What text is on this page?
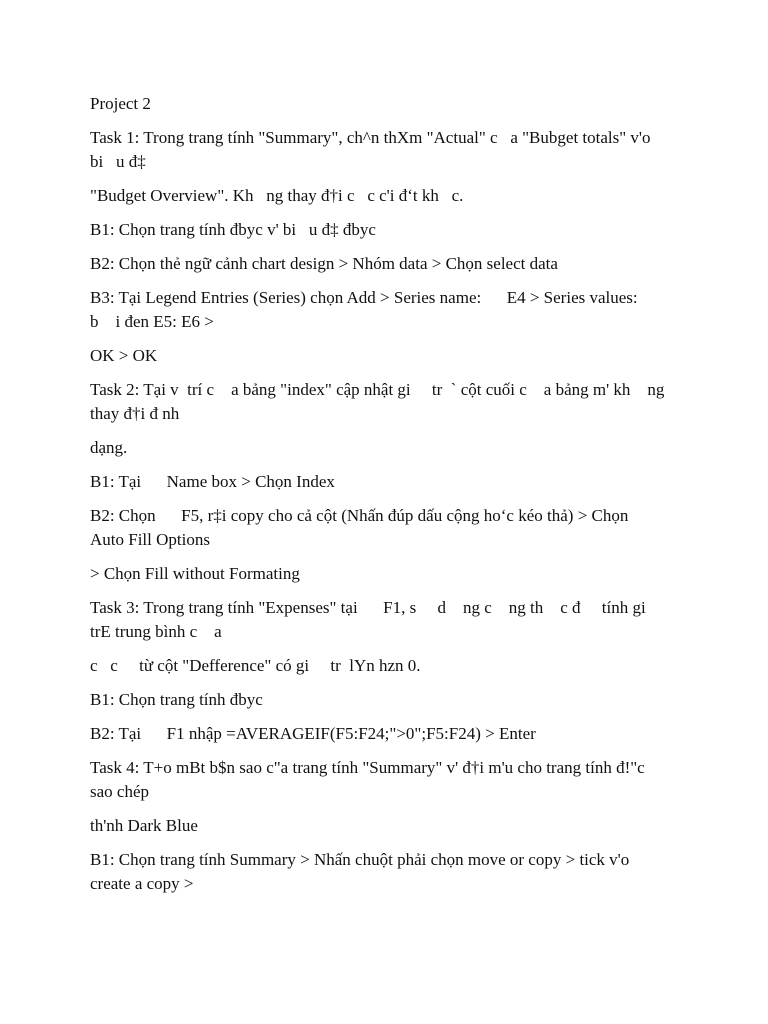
Project 2

Task 1: Trong trang tính "Summary", ch^n thXm "Actual" c   a "Bubget totals" v'o
bi   u đ‡

"Budget Overview". Kh   ng thay đ†i c   c c'i đ‘t kh   c.

B1: Chọn trang tính đbyc v' bi   u đ‡ đbyc

B2: Chọn thẻ ngữ cảnh chart design > Nhóm data > Chọn select data

B3: Tại Legend Entries (Series) chọn Add > Series name:      E4 > Series values:
b    i đen E5: E6 >

OK > OK

Task 2: Tại v  trí c    a bảng "index" cập nhật gi     tr  ` cột cuối c    a bảng m' kh    ng
thay đ†i đ nh

dạng.

B1: Tại      Name box > Chọn Index

B2: Chọn      F5, r‡i copy cho cả cột (Nhấn đúp dấu cộng ho‘c kéo thả) > Chọn
Auto Fill Options

> Chọn Fill without Formating

Task 3: Trong trang tính "Expenses" tại      F1, s     d    ng c    ng th    c đ     tính gi
trE trung bình c    a

c   c     từ cột "Defference" có gi     tr  lYn hzn 0.

B1: Chọn trang tính đbyc

B2: Tại      F1 nhập =AVERAGEIF(F5:F24;">0";F5:F24) > Enter

Task 4: T+o mBt b$n sao c"a trang tính "Summary" v' đ†i m'u cho trang tính đ!"c
sao chép

th'nh Dark Blue

B1: Chọn trang tính Summary > Nhấn chuột phải chọn move or copy > tick v'o
create a copy >
